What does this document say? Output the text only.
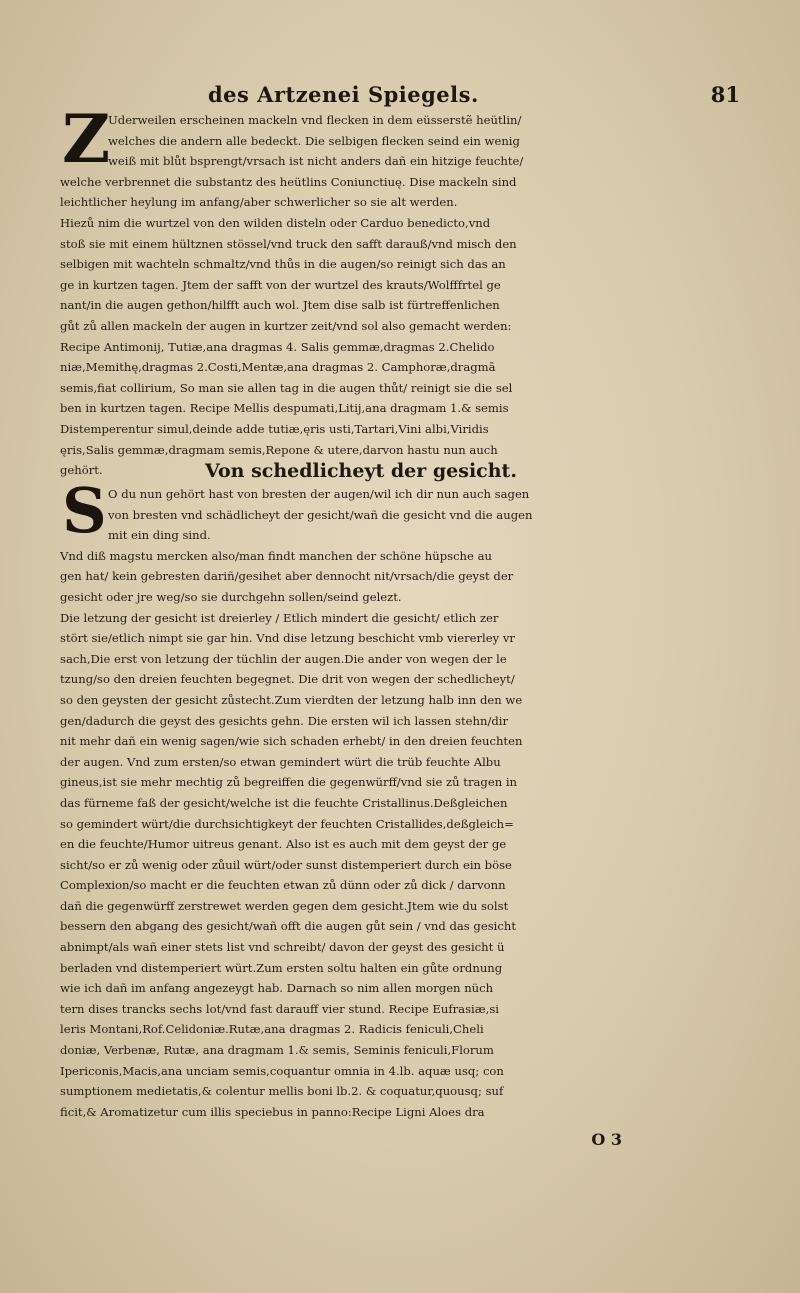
des Artzenei Spiegels.	81
Z
Uderweilen erscheinen mackeln vnd flecken in dem eüsserstẽ heütlin/
welches die andern alle bedeckt. Die selbigen flecken seind ein wenig
weiß mit blůt bsprengt/vrsach ist nicht anders dañ ein hitzige feuchte/
welche verbrennet die substantz des heütlins Coniunctiuę. Dise mackeln sind
leichtlicher heylung im anfang/aber schwerlicher so sie alt werden.
Hiezů nim die wurtzel von den wilden disteln oder Carduo benedicto,vnd
stoß sie mit einem hültznen stössel/vnd truck den safft darauß/vnd misch den
selbigen mit wachteln schmaltz/vnd thůs in die augen/so reinigt sich das an
ge in kurtzen tagen. Jtem der safft von der wurtzel des krauts/Wolfffrtel ge
nant/in die augen gethon/hilfft auch wol. Jtem dise salb ist fürtreffenlichen
gůt zů allen mackeln der augen in kurtzer zeit/vnd sol also gemacht werden:
Recipe Antimonij, Tutiæ,ana dragmas 4. Salis gemmæ,dragmas 2.Chelido
niæ,Memithę,dragmas 2.Costi,Mentæ,ana dragmas 2. Camphoræ,dragmā
semis,fiat collirium, So man sie allen tag in die augen thůt/ reinigt sie die sel
ben in kurtzen tagen. Recipe Mellis despumati,Litij,ana dragmam 1.& semis
Distemperentur simul,deinde adde tutiæ,ęris usti,Tartari,Vini albi,Viridis
ęris,Salis gemmæ,dragmam semis,Repone & utere,darvon hastu nun auch
gehört.	Von schedlicheyt der gesicht.
S O du nun gehört hast von bresten der augen/wil ich dir nun auch sagen
von bresten vnd schädlicheyt der gesicht/wañ die gesicht vnd die augen
mit ein ding sind.
Vnd diß magstu mercken also/man findt manchen der schöne hüpsche au
gen hat/ kein gebresten dariñ/gesihet aber dennocht nit/vrsach/die geyst der
gesicht oder jre weg/so sie durchgehn sollen/seind gelezt.
Die letzung der gesicht ist dreierley / Etlich mindert die gesicht/ etlich zer
stört sie/etlich nimpt sie gar hin. Vnd dise letzung beschicht vmb viererley vr
sach,Die erst von letzung der tüchlin der augen.Die ander von wegen der le
tzung/so den dreien feuchten begegnet. Die drit von wegen der schedlicheyt/
so den geysten der gesicht zůstecht.Zum vierdten der letzung halb inn den we
gen/dadurch die geyst des gesichts gehn. Die ersten wil ich lassen stehn/dir
nit mehr dañ ein wenig sagen/wie sich schaden erhebt/ in den dreien feuchten
der augen. Vnd zum ersten/so etwan gemindert würt die trüb feuchte Albu
gineus,ist sie mehr mechtig zů begreiffen die gegenwürff/vnd sie zů tragen in
das fürneme faß der gesicht/welche ist die feuchte Cristallinus.Deßgleichen
so gemindert würt/die durchsichtigkeyt der feuchten Cristallides,deßgleich=
en die feuchte/Humor uitreus genant. Also ist es auch mit dem geyst der ge
sicht/so er zů wenig oder zůuil würt/oder sunst distemperiert durch ein böse
Complexion/so macht er die feuchten etwan zů dünn oder zů dick / darvonn
dañ die gegenwürff zerstrewet werden gegen dem gesicht.Jtem wie du solst
bessern den abgang des gesicht/wañ offt die augen gůt sein / vnd das gesicht
abnimpt/als wañ einer stets list vnd schreibt/ davon der geyst des gesicht ü
berladen vnd distemperiert würt.Zum ersten soltu halten ein gůte ordnung
wie ich dañ im anfang angezeygt hab. Darnach so nim allen morgen nüch
tern dises trancks sechs lot/vnd fast darauff vier stund. Recipe Eufrasiæ,si
leris Montani,Rof.Celidoniæ.Rutæ,ana dragmas 2. Radicis feniculi,Cheli
doniæ, Verbenæ, Rutæ, ana dragmam 1.& semis, Seminis feniculi,Florum
Ipericonis,Macis,ana unciam semis,coquantur omnia in 4.lb. aquæ usq; con
sumptionem medietatis,& colentur mellis boni lb.2. & coquatur,quousq; suf
ficit,& Aromatizetur cum illis speciebus in panno:Recipe Ligni Aloes dra
O 3
